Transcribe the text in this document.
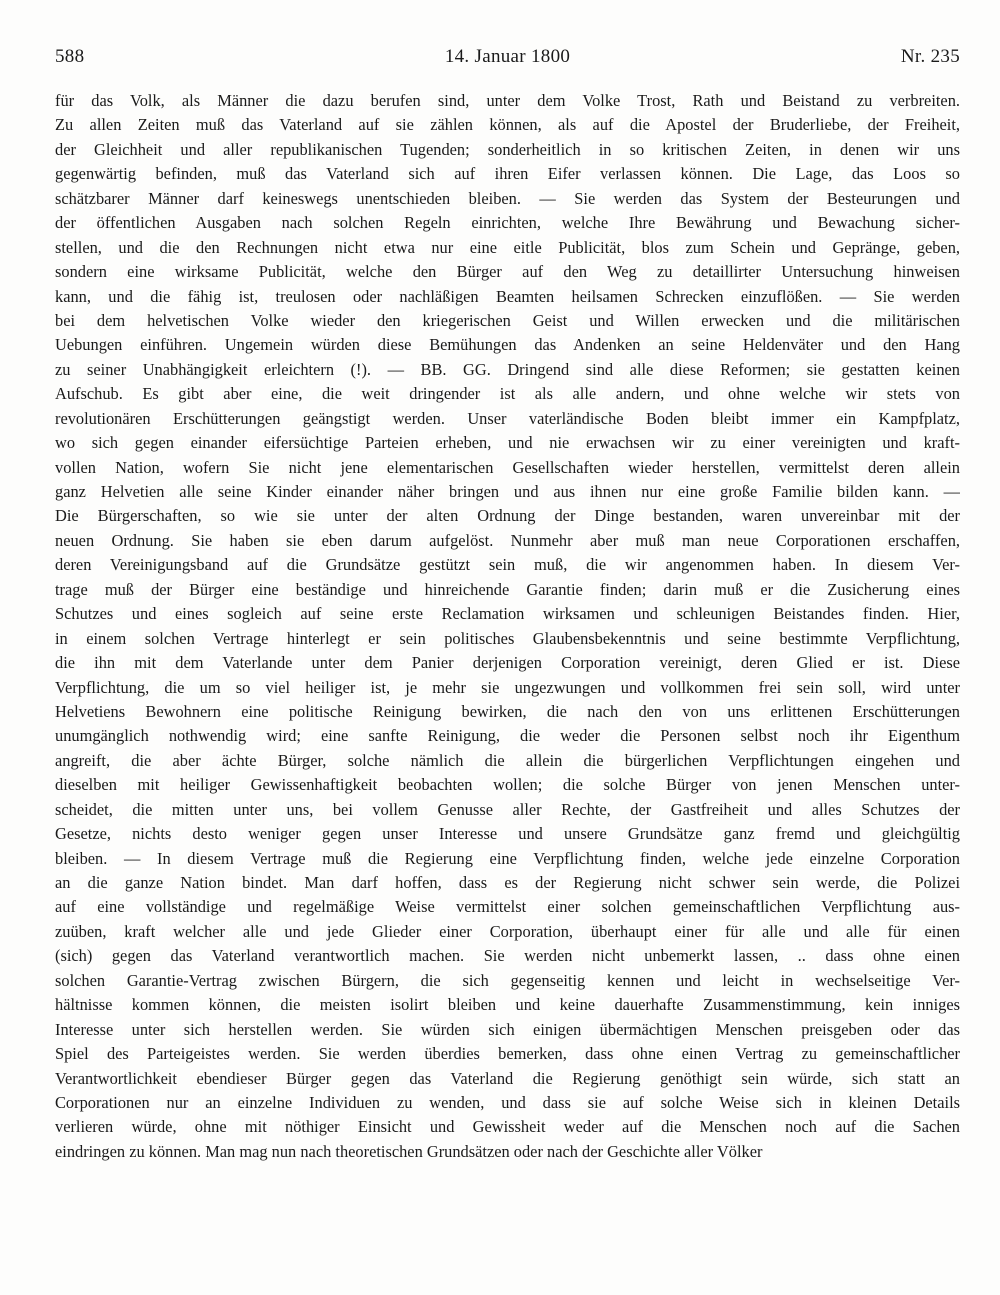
588	14. Januar 1800	Nr. 235
für das Volk, als Männer die dazu berufen sind, unter dem Volke Trost, Rath und Beistand zu verbreiten.
Zu allen Zeiten muß das Vaterland auf sie zählen können, als auf die Apostel der Bruderliebe, der Freiheit,
der Gleichheit und aller republikanischen Tugenden; sonderheitlich in so kritischen Zeiten, in denen wir uns
gegenwärtig befinden, muß das Vaterland sich auf ihren Eifer verlassen können. Die Lage, das Loos so
schätzbarer Männer darf keineswegs unentschieden bleiben. — Sie werden das System der Besteurungen und
der öffentlichen Ausgaben nach solchen Regeln einrichten, welche Ihre Bewährung und Bewachung sicher-
stellen, und die den Rechnungen nicht etwa nur eine eitle Publicität, blos zum Schein und Gepränge, geben,
sondern eine wirksame Publicität, welche den Bürger auf den Weg zu detaillirter Untersuchung hinweisen
kann, und die fähig ist, treulosen oder nachläßigen Beamten heilsamen Schrecken einzuflößen. — Sie werden
bei dem helvetischen Volke wieder den kriegerischen Geist und Willen erwecken und die militärischen
Uebungen einführen. Ungemein würden diese Bemühungen das Andenken an seine Heldenväter und den Hang
zu seiner Unabhängigkeit erleichtern (!). — BB. GG. Dringend sind alle diese Reformen; sie gestatten keinen
Aufschub. Es gibt aber eine, die weit dringender ist als alle andern, und ohne welche wir stets von
revolutionären Erschütterungen geängstigt werden. Unser vaterländische Boden bleibt immer ein Kampfplatz,
wo sich gegen einander eifersüchtige Parteien erheben, und nie erwachsen wir zu einer vereinigten und kraft-
vollen Nation, wofern Sie nicht jene elementarischen Gesellschaften wieder herstellen, vermittelst deren allein
ganz Helvetien alle seine Kinder einander näher bringen und aus ihnen nur eine große Familie bilden kann. —
Die Bürgerschaften, so wie sie unter der alten Ordnung der Dinge bestanden, waren unvereinbar mit der
neuen Ordnung. Sie haben sie eben darum aufgelöst. Nunmehr aber muß man neue Corporationen erschaffen,
deren Vereinigungsband auf die Grundsätze gestützt sein muß, die wir angenommen haben. In diesem Ver-
trage muß der Bürger eine beständige und hinreichende Garantie finden; darin muß er die Zusicherung eines
Schutzes und eines sogleich auf seine erste Reclamation wirksamen und schleunigen Beistandes finden. Hier,
in einem solchen Vertrage hinterlegt er sein politisches Glaubensbekenntnis und seine bestimmte Verpflichtung,
die ihn mit dem Vaterlande unter dem Panier derjenigen Corporation vereinigt, deren Glied er ist. Diese
Verpflichtung, die um so viel heiliger ist, je mehr sie ungezwungen und vollkommen frei sein soll, wird unter
Helvetiens Bewohnern eine politische Reinigung bewirken, die nach den von uns erlittenen Erschütterungen
unumgänglich nothwendig wird; eine sanfte Reinigung, die weder die Personen selbst noch ihr Eigenthum
angreift, die aber ächte Bürger, solche nämlich die allein die bürgerlichen Verpflichtungen eingehen und
dieselben mit heiliger Gewissenhaftigkeit beobachten wollen; die solche Bürger von jenen Menschen unter-
scheidet, die mitten unter uns, bei vollem Genusse aller Rechte, der Gastfreiheit und alles Schutzes der
Gesetze, nichts desto weniger gegen unser Interesse und unsere Grundsätze ganz fremd und gleichgültig
bleiben. — In diesem Vertrage muß die Regierung eine Verpflichtung finden, welche jede einzelne Corporation
an die ganze Nation bindet. Man darf hoffen, dass es der Regierung nicht schwer sein werde, die Polizei
auf eine vollständige und regelmäßige Weise vermittelst einer solchen gemeinschaftlichen Verpflichtung aus-
zuüben, kraft welcher alle und jede Glieder einer Corporation, überhaupt einer für alle und alle für einen
(sich) gegen das Vaterland verantwortlich machen. Sie werden nicht unbemerkt lassen, .. dass ohne einen
solchen Garantie-Vertrag zwischen Bürgern, die sich gegenseitig kennen und leicht in wechselseitige Ver-
hältnisse kommen können, die meisten isolirt bleiben und keine dauerhafte Zusammenstimmung, kein inniges
Interesse unter sich herstellen werden. Sie würden sich einigen übermächtigen Menschen preisgeben oder das
Spiel des Parteigeistes werden. Sie werden überdies bemerken, dass ohne einen Vertrag zu gemeinschaftlicher
Verantwortlichkeit ebendieser Bürger gegen das Vaterland die Regierung genöthigt sein würde, sich statt an
Corporationen nur an einzelne Individuen zu wenden, und dass sie auf solche Weise sich in kleinen Details
verlieren würde, ohne mit nöthiger Einsicht und Gewissheit weder auf die Menschen noch auf die Sachen
eindringen zu können. Man mag nun nach theoretischen Grundsätzen oder nach der Geschichte aller Völker
